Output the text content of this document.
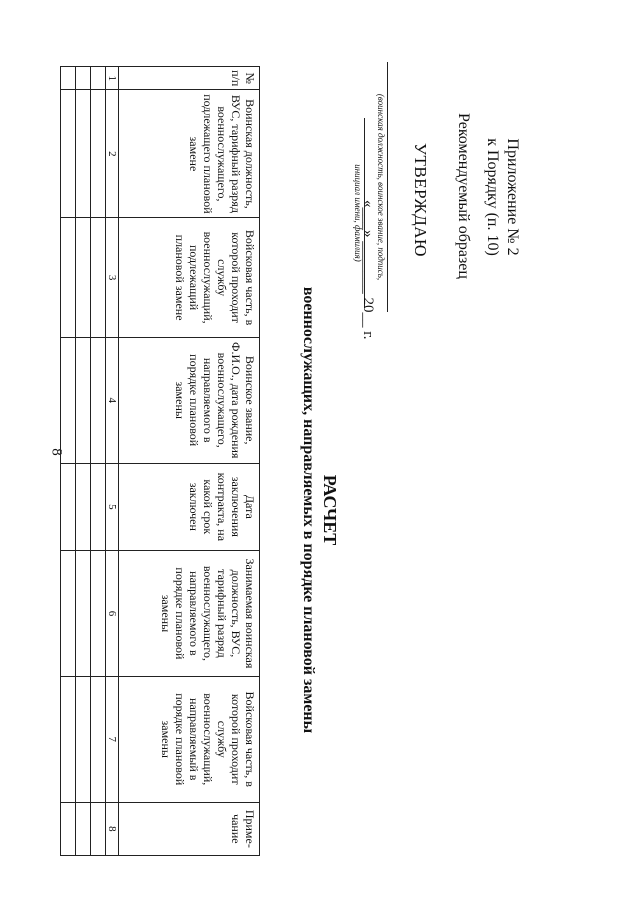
8
Приложение № 2
к Порядку (п. 10)
Рекомендуемый образец
УТВЕРЖДАЮ
(воинская должность, воинское звание, подпись,
инициал имени, фамилия)
«___» _______ 20__ г.
РАСЧЕТ
военнослужащих, направляемых в порядке плановой замены
№ п/п	Воинская должность, ВУС, тарифный разряд военнослужащего, подлежащего плановой замене	Войсковая часть, в которой проходит службу военнослужащий, подлежащий плановой замене	Воинское звание, Ф.И.О., дата рождения военнослужащего, направляемого в порядке плановой замены	Дата заключения контракта, на какой срок заключен	Занимаемая воинская должность, ВУС, тарифный разряд военнослужащего, направляемого в порядке плановой замены	Войсковая часть, в которой проходит службу военнослужащий, направляемый в порядке плановой замены	Приме-чание
1	2	3	4	5	6	7	8
